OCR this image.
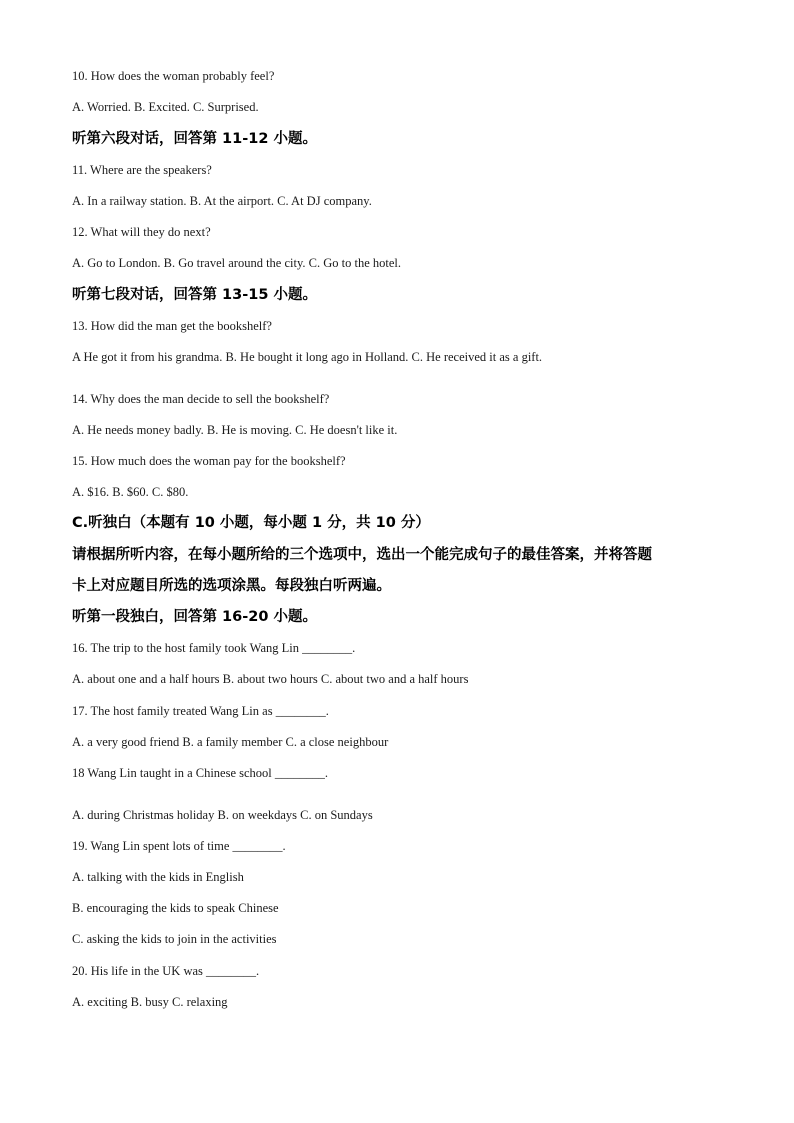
10. How does the woman probably feel?
A. Worried. B. Excited. C. Surprised.
听第六段对话，回答第 11-12 小题。
11. Where are the speakers?
A. In a railway station. B. At the airport. C. At DJ company.
12. What will they do next?
A. Go to London. B. Go travel around the city. C. Go to the hotel.
听第七段对话，回答第 13-15 小题。
13. How did the man get the bookshelf?
A He got it from his grandma. B. He bought it long ago in Holland. C. He received it as a gift.
14. Why does the man decide to sell the bookshelf?
A. He needs money badly. B. He is moving. C. He doesn't like it.
15. How much does the woman pay for the bookshelf?
A. $16. B. $60. C. $80.
C.听独白（本题有 10 小题，每小题 1 分，共 10 分）
请根据所听内容，在每小题所给的三个选项中，选出一个能完成句子的最佳答案，并将答题
卡上对应题目所选的选项涂黑。每段独白听两遍。
听第一段独白，回答第 16-20 小题。
16. The trip to the host family took Wang Lin ________.
A. about one and a half hours B. about two hours C. about two and a half hours
17. The host family treated Wang Lin as ________.
A. a very good friend B. a family member C. a close neighbour
18 Wang Lin taught in a Chinese school ________.
A. during Christmas holiday B. on weekdays C. on Sundays
19. Wang Lin spent lots of time ________.
A. talking with the kids in English
B. encouraging the kids to speak Chinese
C. asking the kids to join in the activities
20. His life in the UK was ________.
A. exciting B. busy C. relaxing
